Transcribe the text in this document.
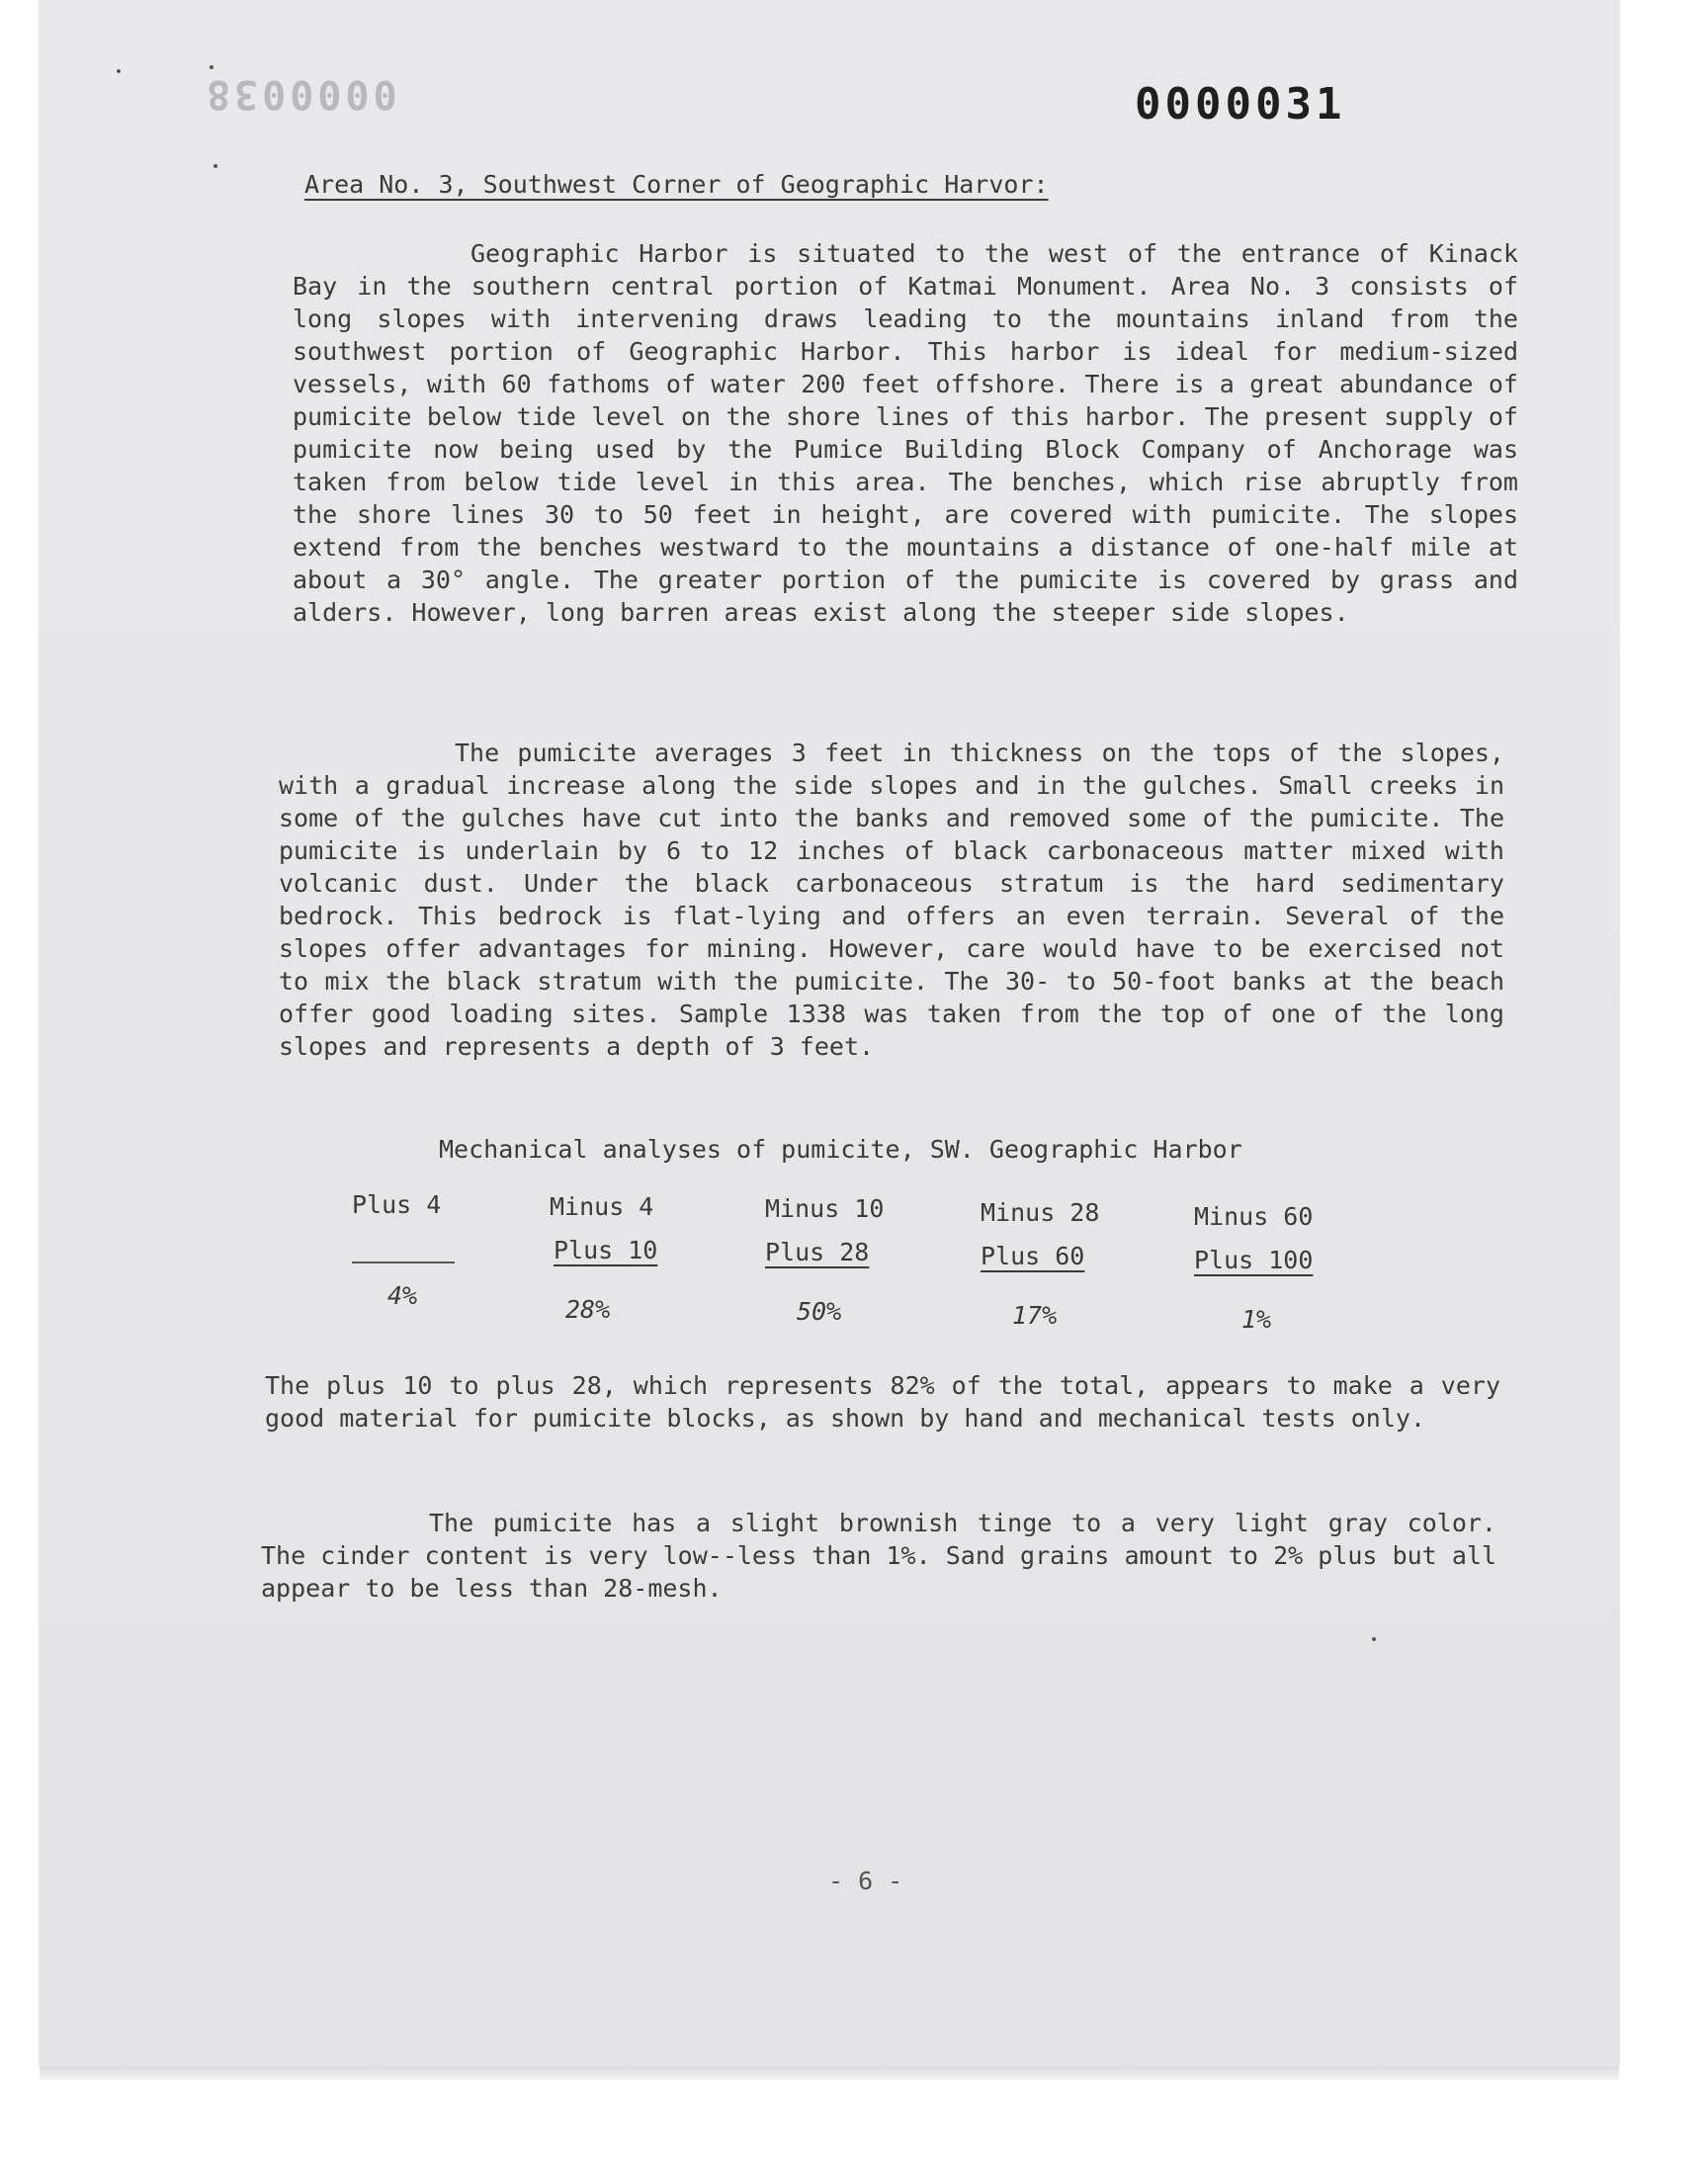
0000038	0000031
Area No. 3, Southwest Corner of Geographic Harvor:

Geographic Harbor is situated to the west of the entrance of Kinack Bay in the southern central portion of Katmai Monument. Area No. 3 consists of long slopes with intervening draws leading to the mountains inland from the southwest portion of Geographic Harbor. This harbor is ideal for medium-sized vessels, with 60 fathoms of water 200 feet offshore. There is a great abundance of pumicite below tide level on the shore lines of this harbor. The present supply of pumicite now being used by the Pumice Building Block Company of Anchorage was taken from below tide level in this area. The benches, which rise abruptly from the shore lines 30 to 50 feet in height, are covered with pumicite. The slopes extend from the benches westward to the mountains a distance of one-half mile at about a 30° angle. The greater portion of the pumicite is covered by grass and alders. However, long barren areas exist along the steeper side slopes.

The pumicite averages 3 feet in thickness on the tops of the slopes, with a gradual increase along the side slopes and in the gulches. Small creeks in some of the gulches have cut into the banks and removed some of the pumicite. The pumicite is underlain by 6 to 12 inches of black carbonaceous matter mixed with volcanic dust. Under the black carbonaceous stratum is the hard sedimentary bedrock. This bedrock is flat-lying and offers an even terrain. Several of the slopes offer advantages for mining. However, care would have to be exercised not to mix the black stratum with the pumicite. The 30- to 50-foot banks at the beach offer good loading sites. Sample 1338 was taken from the top of one of the long slopes and represents a depth of 3 feet.

Mechanical analyses of pumicite, SW. Geographic Harbor
Plus 4
4%
Minus 4
Plus 10
28%
Minus 10
Plus 28
50%
Minus 28
Plus 60
17%
Minus 60
Plus 100
1%

The plus 10 to plus 28, which represents 82% of the total, appears to make a very good material for pumicite blocks, as shown by hand and mechanical tests only.

The pumicite has a slight brownish tinge to a very light gray color. The cinder content is very low--less than 1%. Sand grains amount to 2% plus but all appear to be less than 28-mesh.

- 6 -
